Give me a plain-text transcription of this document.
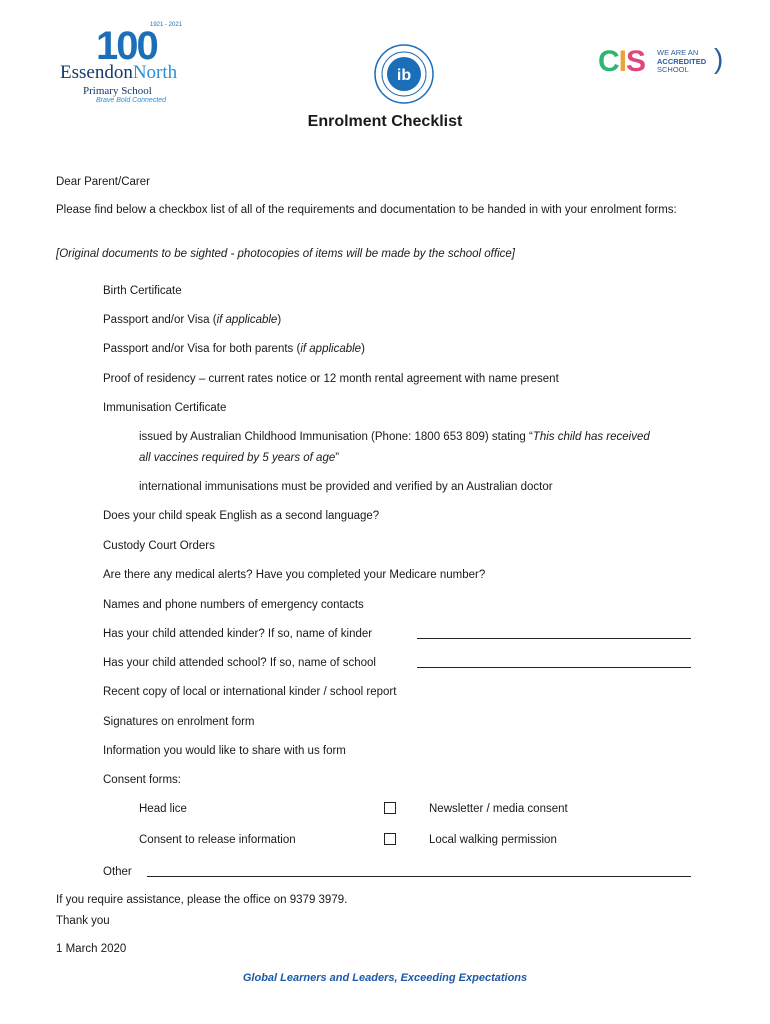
100
1921 - 2021
EssendonNorth
Primary School
Brave Bold Connected
ib	CIS WE ARE AN
ACCREDITED
SCHOOL )
Enrolment Checklist
Dear Parent/Carer
Please find below a checkbox list of all of the requirements and documentation to be handed in with your enrolment forms:
[Original documents to be sighted - photocopies of items will be made by the school office]
Birth Certificate
Passport and/or Visa (if applicable)
Passport and/or Visa for both parents (if applicable)
Proof of residency – current rates notice or 12 month rental agreement with name present
Immunisation Certificate
issued by Australian Childhood Immunisation (Phone: 1800 653 809) stating “This child has received
all vaccines required by 5 years of age”
international immunisations must be provided and verified by an Australian doctor
Does your child speak English as a second language?
Custody Court Orders
Are there any medical alerts? Have you completed your Medicare number?
Names and phone numbers of emergency contacts
Has your child attended kinder? If so, name of kinder
Has your child attended school? If so, name of school
Recent copy of local or international kinder / school report
Signatures on enrolment form
Information you would like to share with us form
Consent forms:
Head lice	Newsletter / media consent
Consent to release information	Local walking permission
Other
If you require assistance, please the office on 9379 3979.
Thank you
1 March 2020
Global Learners and Leaders, Exceeding Expectations
